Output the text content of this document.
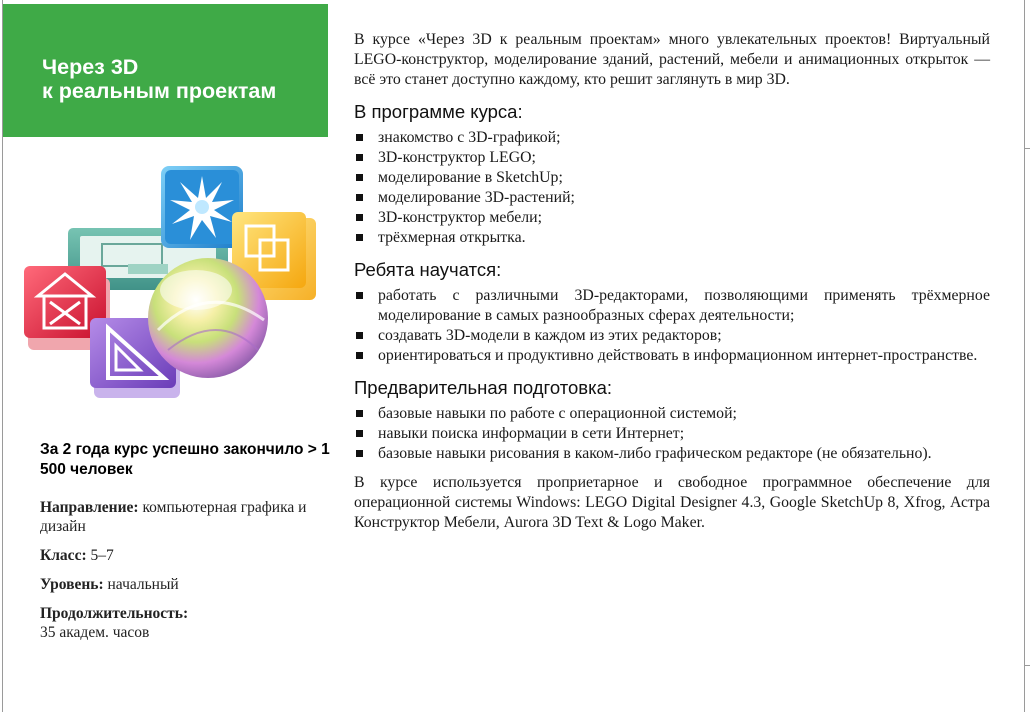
Через 3D
к реальным проектам
За 2 года курс успешно закончило > 1 500 человек
Направление: компьютерная графика и дизайн
Класс: 5–7
Уровень: начальный
Продолжительность:
35 академ. часов

В курсе «Через 3D к реальным проектам» много увлекательных проектов! Виртуальный LEGO-конструктор, моделирование зданий, растений, мебели и анимационных открыток — всё это станет доступно каждому, кто решит заглянуть в мир 3D.

В программе курса:
знакомство с 3D-графикой;
3D-конструктор LEGO;
моделирование в SketchUp;
моделирование 3D-растений;
3D-конструктор мебели;
трёхмерная открытка.
Ребята научатся:
работать с различными 3D-редакторами, позволяющими применять трёхмерное моделирование в самых разнообразных сферах деятельности;
создавать 3D-модели в каждом из этих редакторов;
ориентироваться и продуктивно действовать в информационном интернет-пространстве.
Предварительная подготовка:
базовые навыки по работе с операционной системой;
навыки поиска информации в сети Интернет;
базовые навыки рисования в каком-либо графическом редакторе (не обязательно).

В курсе используется проприетарное и свободное программное обеспечение для операционной системы Windows: LEGO Digital Designer 4.3, Google SketchUp 8, Xfrog, Астра Конструктор Мебели, Aurora 3D Text & Logo Maker.
